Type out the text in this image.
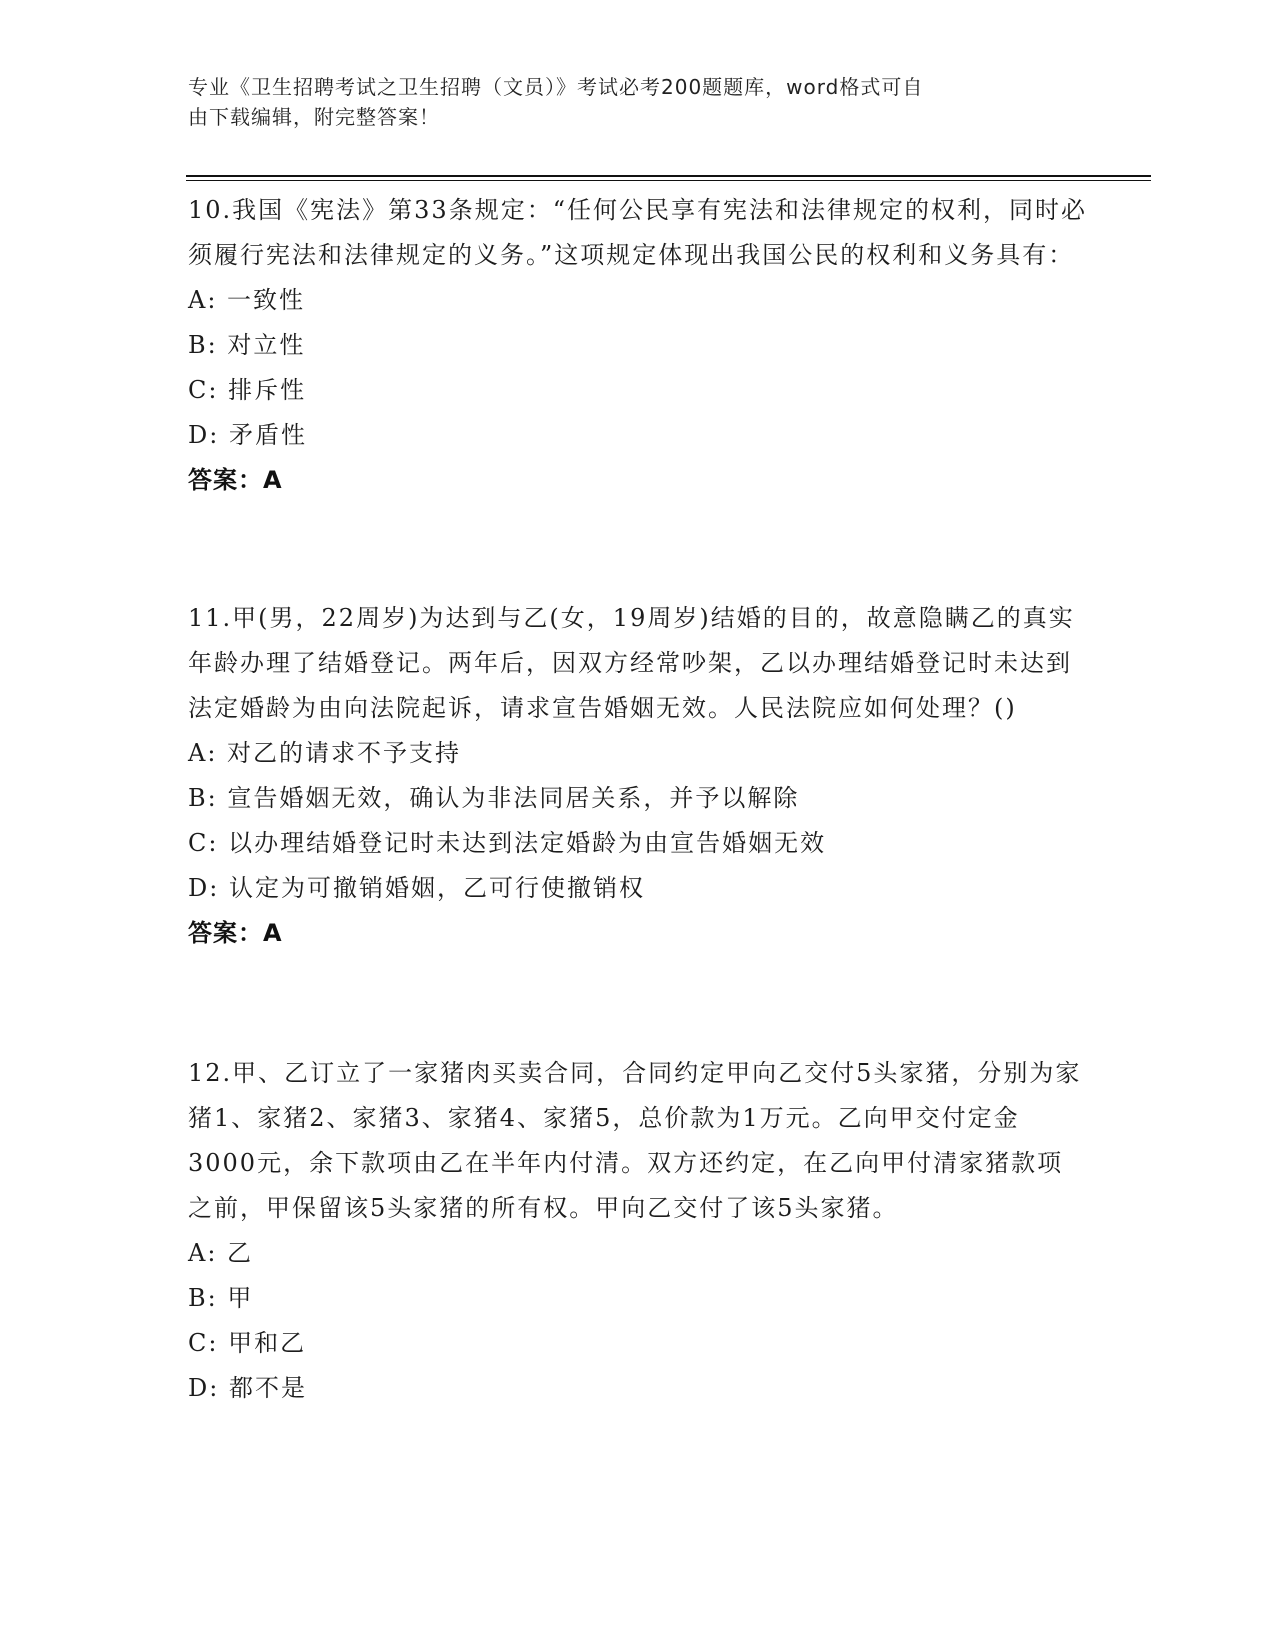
专业《卫生招聘考试之卫生招聘（文员）》考试必考200题题库，word格式可自
由下载编辑，附完整答案！
10.我国《宪法》第33条规定：“任何公民享有宪法和法律规定的权利，同时必须履行宪法和法律规定的义务。”这项规定体现出我国公民的权利和义务具有：
A: 一致性
B: 对立性
C: 排斥性
D: 矛盾性
答案：A
11.甲(男，22周岁)为达到与乙(女，19周岁)结婚的目的，故意隐瞒乙的真实年龄办理了结婚登记。两年后，因双方经常吵架，乙以办理结婚登记时未达到法定婚龄为由向法院起诉，请求宣告婚姻无效。人民法院应如何处理？()
A: 对乙的请求不予支持
B: 宣告婚姻无效，确认为非法同居关系，并予以解除
C: 以办理结婚登记时未达到法定婚龄为由宣告婚姻无效
D: 认定为可撤销婚姻，乙可行使撤销权
答案：A
12.甲、乙订立了一家猪肉买卖合同，合同约定甲向乙交付5头家猪，分别为家猪1、家猪2、家猪3、家猪4、家猪5，总价款为1万元。乙向甲交付定金3000元，余下款项由乙在半年内付清。双方还约定，在乙向甲付清家猪款项之前，甲保留该5头家猪的所有权。甲向乙交付了该5头家猪。
A: 乙
B: 甲
C: 甲和乙
D: 都不是
